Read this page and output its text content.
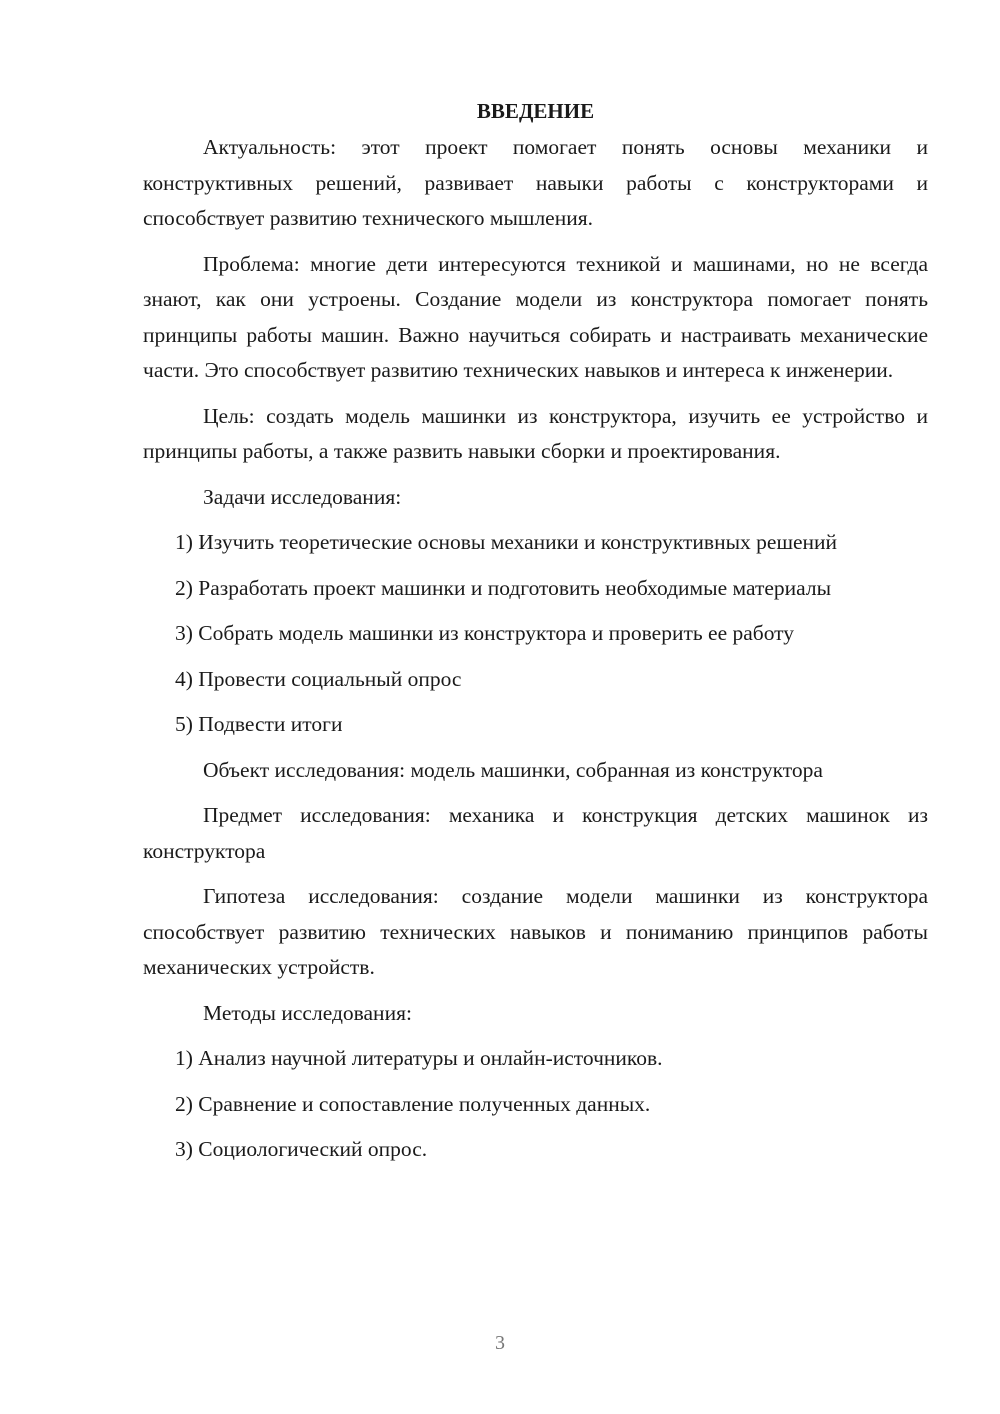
ВВЕДЕНИЕ

Актуальность: этот проект помогает понять основы механики и конструктивных решений, развивает навыки работы с конструкторами и способствует развитию технического мышления.

Проблема: многие дети интересуются техникой и машинами, но не всегда знают, как они устроены. Создание модели из конструктора помогает понять принципы работы машин. Важно научиться собирать и настраивать механические части. Это способствует развитию технических навыков и интереса к инженерии.

Цель: создать модель машинки из конструктора, изучить ее устройство и принципы работы, а также развить навыки сборки и проектирования.

Задачи исследования:

1) Изучить теоретические основы механики и конструктивных решений

2) Разработать проект машинки и подготовить необходимые материалы

3) Собрать модель машинки из конструктора и проверить ее работу

4) Провести социальный опрос

5) Подвести итоги

Объект исследования: модель машинки, собранная из конструктора

Предмет исследования: механика и конструкция детских машинок из конструктора

Гипотеза исследования: создание модели машинки из конструктора способствует развитию технических навыков и пониманию принципов работы механических устройств.

Методы исследования:

1) Анализ научной литературы и онлайн-источников.

2) Сравнение и сопоставление полученных данных.

3) Социологический опрос.

3
